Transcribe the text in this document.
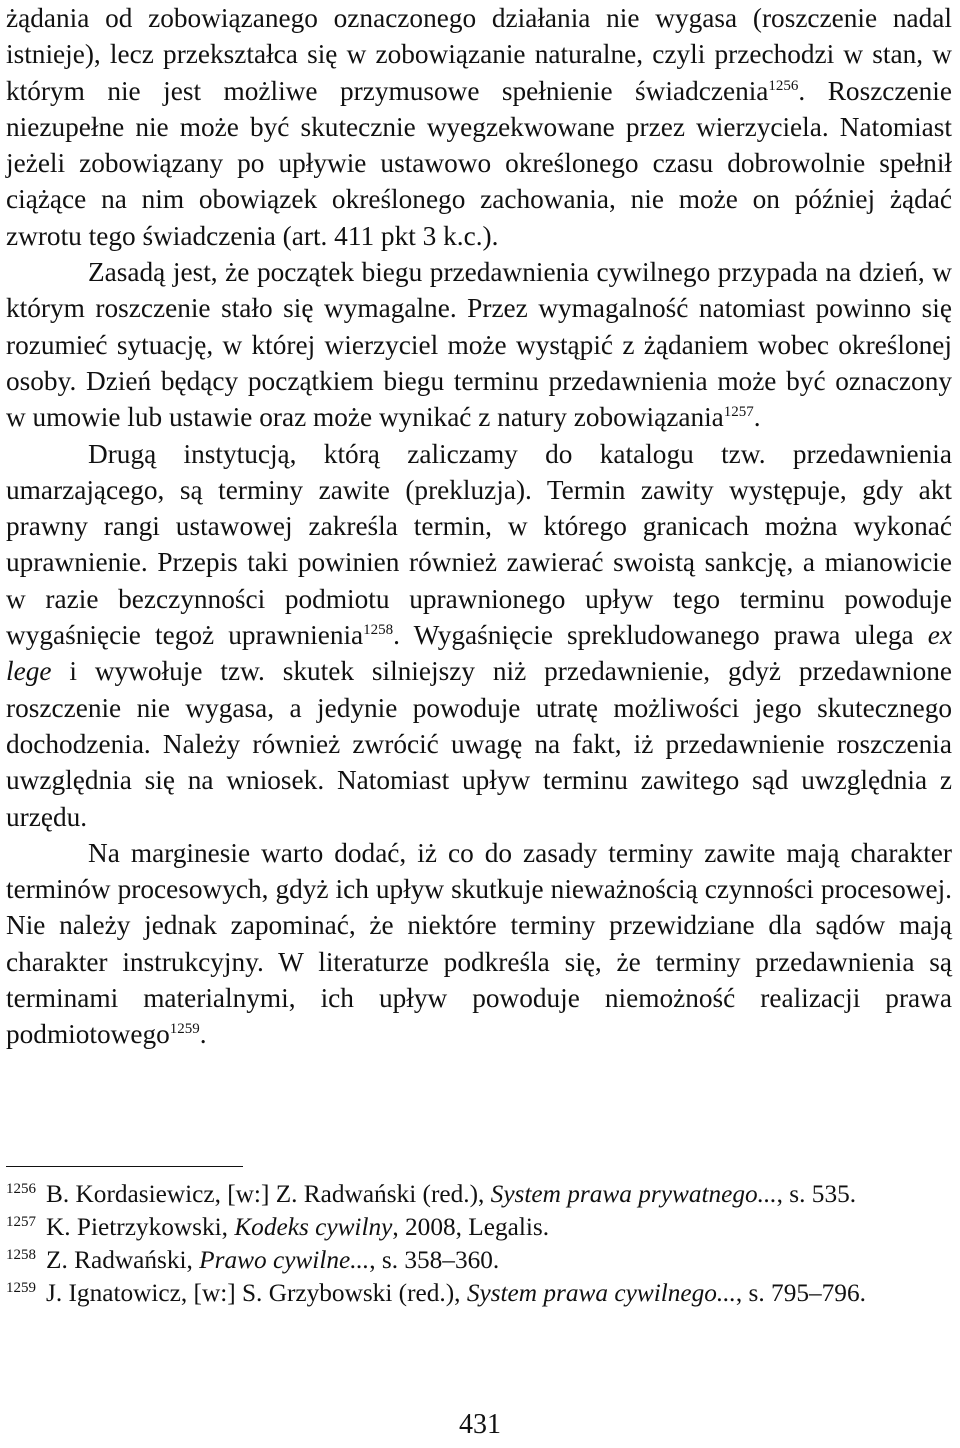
żądania od zobowiązanego oznaczonego działania nie wygasa (roszczenie nadal istnieje), lecz przekształca się w zobowiązanie naturalne, czyli przechodzi w stan, w którym nie jest możliwe przymusowe spełnienie świadczenia$^{1256}$. Roszczenie niezupełne nie może być skutecznie wyegzekwowane przez wierzyciela. Natomiast jeżeli zobowiązany po upływie ustawowo określonego czasu dobrowolnie spełnił ciążące na nim obowiązek określonego zachowania, nie może on później żądać zwrotu tego świadczenia (art. 411 pkt 3 k.c.).

Zasadą jest, że początek biegu przedawnienia cywilnego przypada na dzień, w którym roszczenie stało się wymagalne. Przez wymagalność natomiast powinno się rozumieć sytuację, w której wierzyciel może wystąpić z żądaniem wobec określonej osoby. Dzień będący początkiem biegu terminu przedawnienia może być oznaczony w umowie lub ustawie oraz może wynikać z natury zobowiązania$^{1257}$.

Drugą instytucją, którą zaliczamy do katalogu tzw. przedawnienia umarzającego, są terminy zawite (prekluzja). Termin zawity występuje, gdy akt prawny rangi ustawowej zakreśla termin, w którego granicach można wykonać uprawnienie. Przepis taki powinien również zawierać swoistą sankcję, a mianowicie w razie bezczynności podmiotu uprawnionego upływ tego terminu powoduje wygaśnięcie tegoż uprawnienia$^{1258}$. Wygaśnięcie sprekludowanego prawa ulega ex lege i wywołuje tzw. skutek silniejszy niż przedawnienie, gdyż przedawnione roszczenie nie wygasa, a jedynie powoduje utratę możliwości jego skutecznego dochodzenia. Należy również zwrócić uwagę na fakt, iż przedawnienie roszczenia uwzględnia się na wniosek. Natomiast upływ terminu zawitego sąd uwzględnia z urzędu.

Na marginesie warto dodać, iż co do zasady terminy zawite mają charakter terminów procesowych, gdyż ich upływ skutkuje nieważnością czynności procesowej. Nie należy jednak zapominać, że niektóre terminy przewidziane dla sądów mają charakter instrukcyjny. W literaturze podkreśla się, że terminy przedawnienia są terminami materialnymi, ich upływ powoduje niemożność realizacji prawa podmiotowego$^{1259}$.

1256 B. Kordasiewicz, [w:] Z. Radwański (red.), System prawa prywatnego..., s. 535.
1257 K. Pietrzykowski, Kodeks cywilny, 2008, Legalis.
1258 Z. Radwański, Prawo cywilne..., s. 358–360.
1259 J. Ignatowicz, [w:] S. Grzybowski (red.), System prawa cywilnego..., s. 795–796.
431
